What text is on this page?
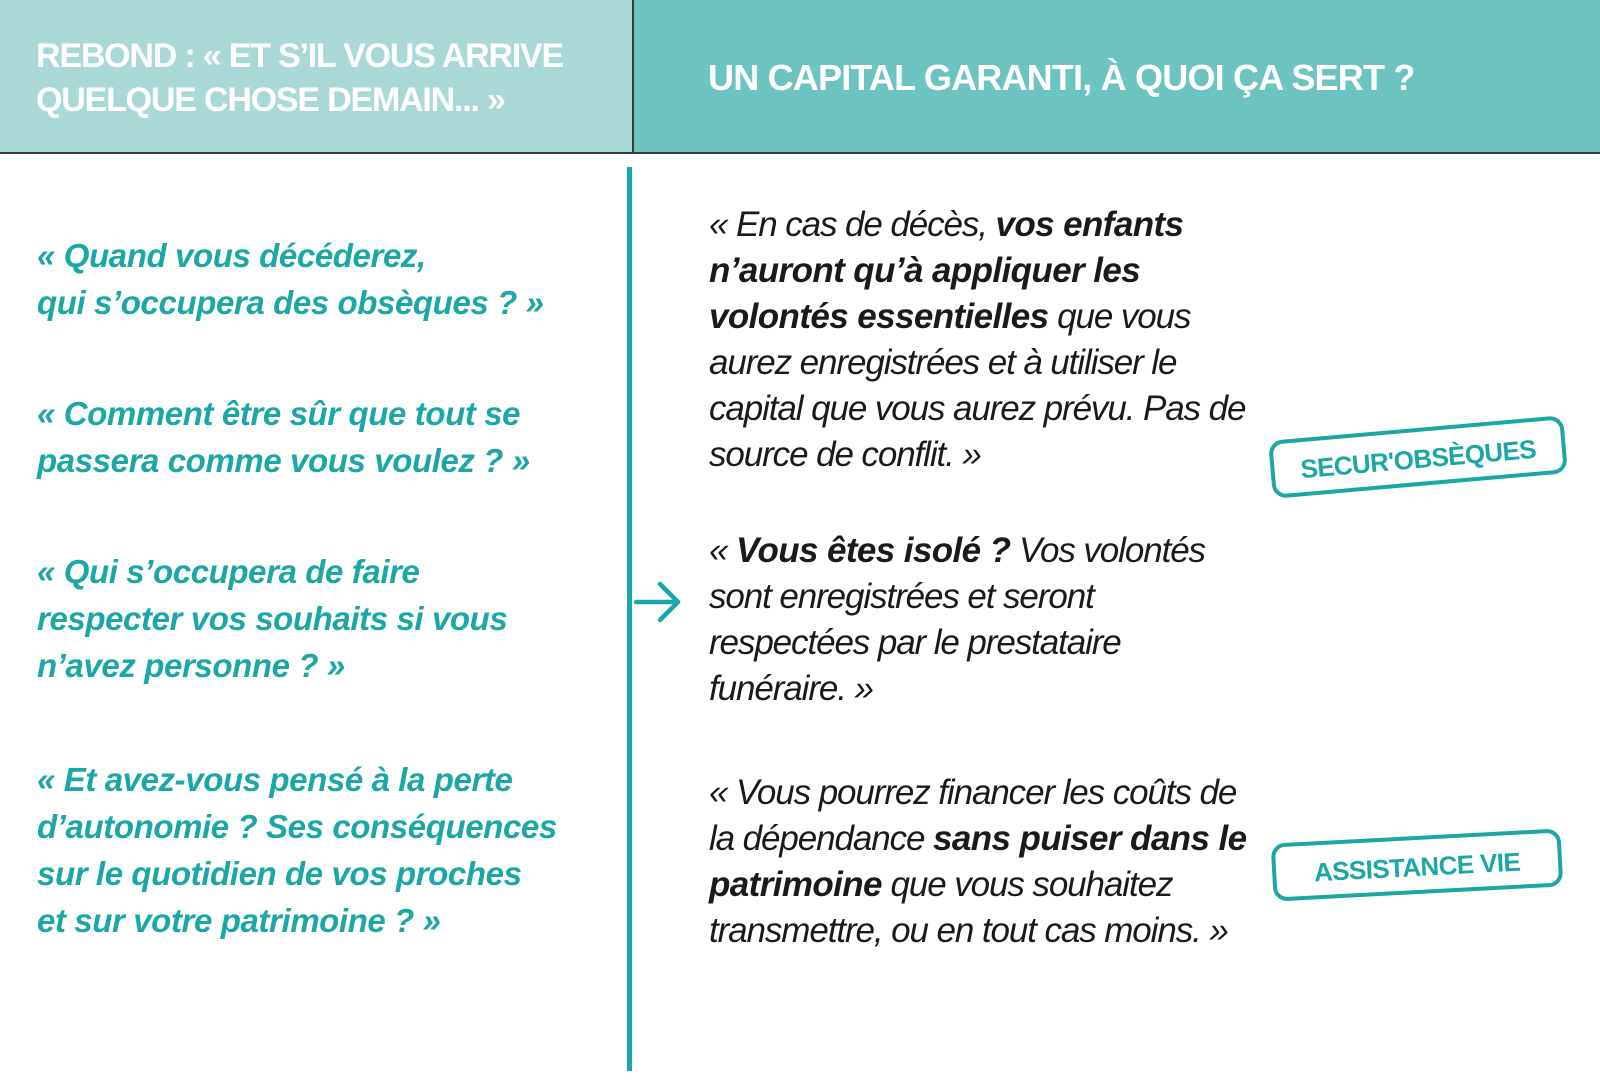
REBOND : « ET S’IL VOUS ARRIVE
QUELQUE CHOSE DEMAIN... »
UN CAPITAL GARANTI, À QUOI ÇA SERT ?
« Quand vous décéderez,
qui s’occupera des obsèques ? »
« Comment être sûr que tout se
passera comme vous voulez ? »
« Qui s’occupera de faire
respecter vos souhaits si vous
n’avez personne ? »
« Et avez-vous pensé à la perte
d’autonomie ? Ses conséquences
sur le quotidien de vos proches
et sur votre patrimoine ? »
« En cas de décès, vos enfants n’auront qu’à appliquer les volontés essentielles que vous aurez enregistrées et à utiliser le capital que vous aurez prévu. Pas de source de conflit. »
« Vous êtes isolé ? Vos volontés sont enregistrées et seront respectées par le prestataire funéraire. »
« Vous pourrez financer les coûts de la dépendance sans puiser dans le patrimoine que vous souhaitez transmettre, ou en tout cas moins. »
SECUR'OBSÈQUES
ASSISTANCE VIE
